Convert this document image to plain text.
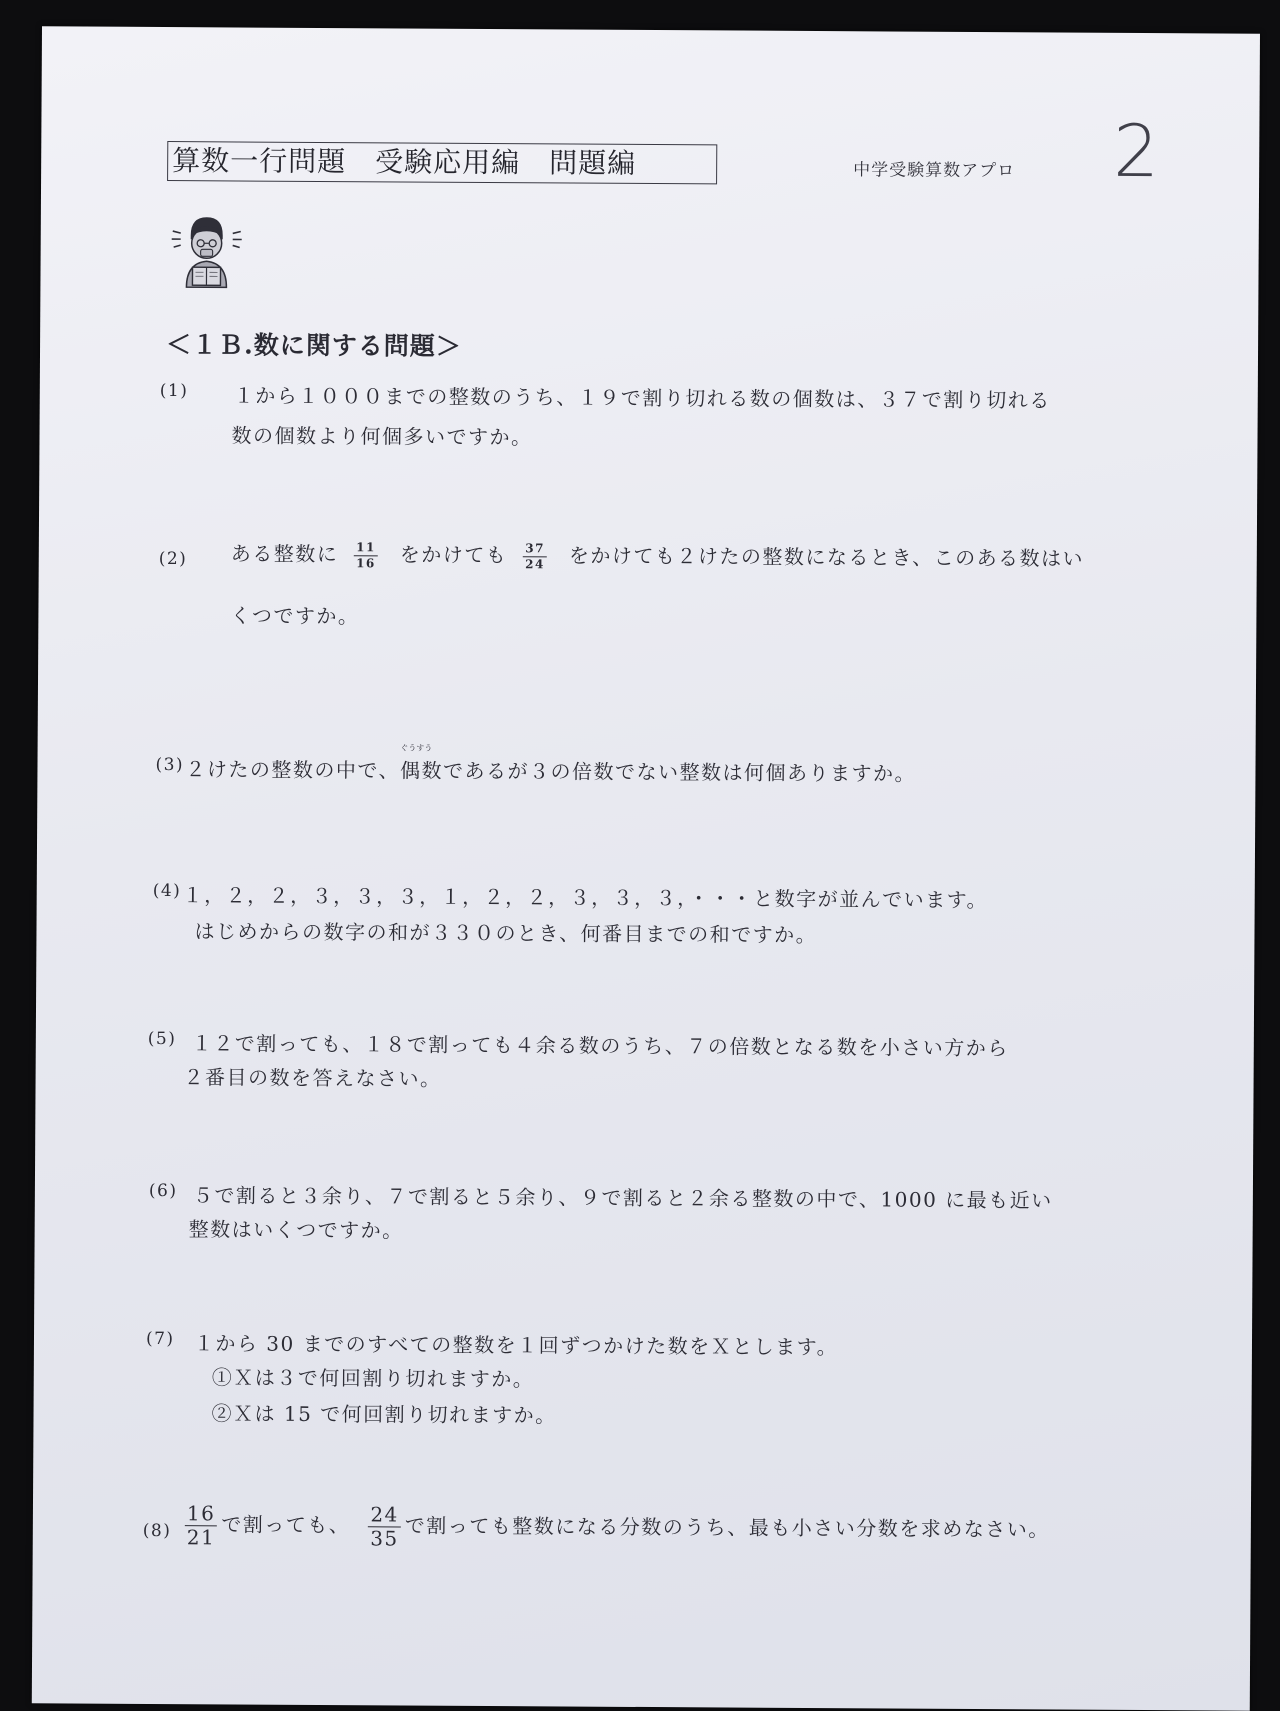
算数一行問題　受験応用編　問題編	中学受験算数アプロ 2
＜１Ｂ.数に関する問題＞
(1) １から１０００までの整数のうち、１９で割り切れる数の個数は、３７で割り切れる
数の個数より何個多いですか。
(2) ある整数に $\frac{11}{16}$ をかけても $\frac{37}{24}$ をかけても２けたの整数になるとき、このある数はい
くつですか。
(3) ２けたの整数の中で、
ぐうすう
偶数であるが３の倍数でない整数は何個ありますか。
(4) １，２，２，３，３，３，１，２，２，３，３，３，・・・と数字が並んでいます。
はじめからの数字の和が３３０のとき、何番目までの和ですか。
(5) １２で割っても、１８で割っても４余る数のうち、７の倍数となる数を小さい方から
２番目の数を答えなさい。
(6) ５で割ると３余り、７で割ると５余り、９で割ると２余る整数の中で、1000 に最も近い
整数はいくつですか。
(7) １から 30 までのすべての整数を１回ずつかけた数をＸとします。
①Ｘは３で何回割り切れますか。
②Ｘは 15 で何回割り切れますか。
$(8) \frac{16}{21}$ で割っても、 $\frac{24}{35}$ で割っても整数になる分数のうち、最も小さい分数を求めなさい。
